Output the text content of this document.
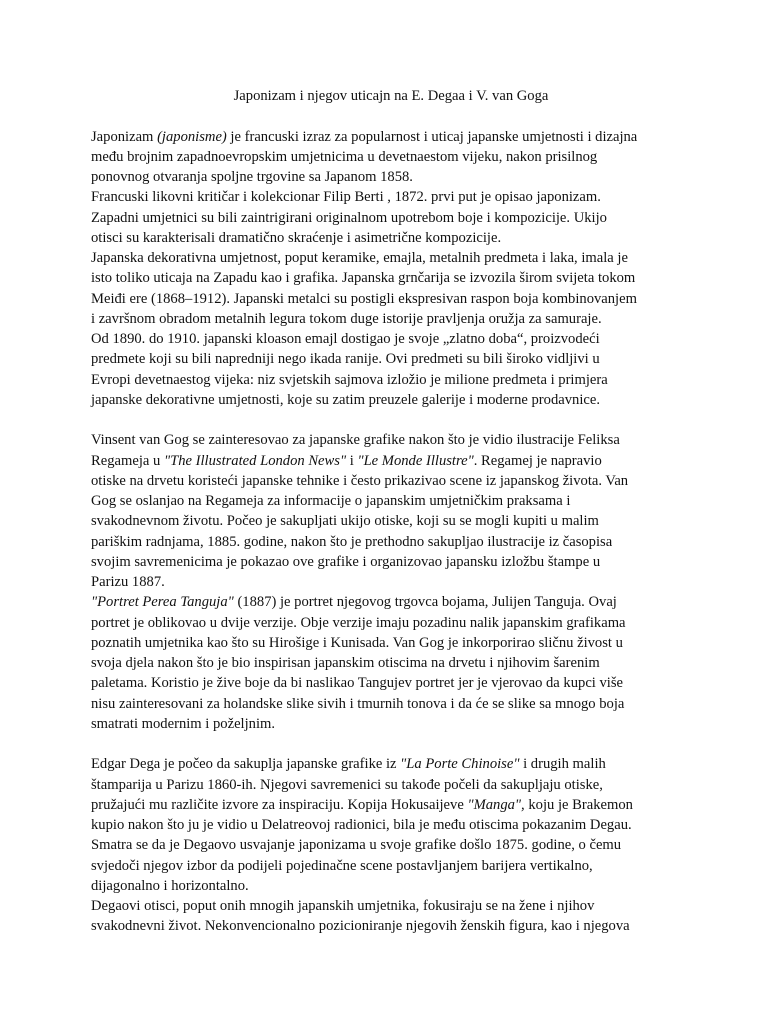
Japonizam i njegov uticajn na E. Degaa i V. van Goga
Japonizam (japonisme) je francuski izraz za popularnost i uticaj japanske umjetnosti i dizajna
među brojnim zapadnoevropskim umjetnicima u devetnaestom vijeku, nakon prisilnog
ponovnog otvaranja spoljne trgovine sa Japanom 1858.
Francuski likovni kritičar i kolekcionar Filip Berti , 1872. prvi put je opisao japonizam.
Zapadni umjetnici su bili zaintrigirani originalnom upotrebom boje i kompozicije. Ukijo
otisci su karakterisali dramatično skraćenje i asimetrične kompozicije.
Japanska dekorativna umjetnost, poput keramike, emajla, metalnih predmeta i laka, imala je
isto toliko uticaja na Zapadu kao i grafika. Japanska grnčarija se izvozila širom svijeta tokom
Meiđi ere (1868–1912). Japanski metalci su postigli ekspresivan raspon boja kombinovanjem
i završnom obradom metalnih legura tokom duge istorije pravljenja oružja za samuraje.
Od 1890. do 1910. japanski kloason emajl dostigao je svoje „zlatno doba“, proizvodeći
predmete koji su bili napredniji nego ikada ranije. Ovi predmeti su bili široko vidljivi u
Evropi devetnaestog vijeka: niz svjetskih sajmova izložio je milione predmeta i primjera
japanske dekorativne umjetnosti, koje su zatim preuzele galerije i moderne prodavnice.
Vinsent van Gog se zainteresovao za japanske grafike nakon što je vidio ilustracije Feliksa
Regameja u "The Illustrated London News" i "Le Monde Illustre". Regamej je napravio
otiske na drvetu koristeći japanske tehnike i često prikazivao scene iz japanskog života. Van
Gog se oslanjao na Regameja za informacije o japanskim umjetničkim praksama i
svakodnevnom životu. Počeo je sakupljati ukijo otiske, koji su se mogli kupiti u malim
pariškim radnjama, 1885. godine, nakon što je prethodno sakupljao ilustracije iz časopisa
svojim savremenicima je pokazao ove grafike i organizovao japansku izložbu štampe u
Parizu 1887.
"Portret Perea Tanguja" (1887) je portret njegovog trgovca bojama, Julijen Tanguja. Ovaj
portret je oblikovao u dvije verzije. Obje verzije imaju pozadinu nalik japanskim grafikama
poznatih umjetnika kao što su Hirošige i Kunisada. Van Gog je inkorporirao sličnu živost u
svoja djela nakon što je bio inspirisan japanskim otiscima na drvetu i njihovim šarenim
paletama. Koristio je žive boje da bi naslikao Tangujev portret jer je vjerovao da kupci više
nisu zainteresovani za holandske slike sivih i tmurnih tonova i da će se slike sa mnogo boja
smatrati modernim i poželjnim.
Edgar Dega je počeo da sakuplja japanske grafike iz "La Porte Chinoise" i drugih malih
štamparija u Parizu 1860-ih. Njegovi savremenici su takođe počeli da sakupljaju otiske,
pružajući mu različite izvore za inspiraciju. Kopija Hokusaijeve "Manga", koju je Brakemon
kupio nakon što ju je vidio u Delatreovoj radionici, bila je među otiscima pokazanim Degau.
Smatra se da je Degaovo usvajanje japonizama u svoje grafike došlo 1875. godine, o čemu
svjedoči njegov izbor da podijeli pojedinačne scene postavljanjem barijera vertikalno,
dijagonalno i horizontalno.
Degaovi otisci, poput onih mnogih japanskih umjetnika, fokusiraju se na žene i njihov
svakodnevni život. Nekonvencionalno pozicioniranje njegovih ženskih figura, kao i njegova
